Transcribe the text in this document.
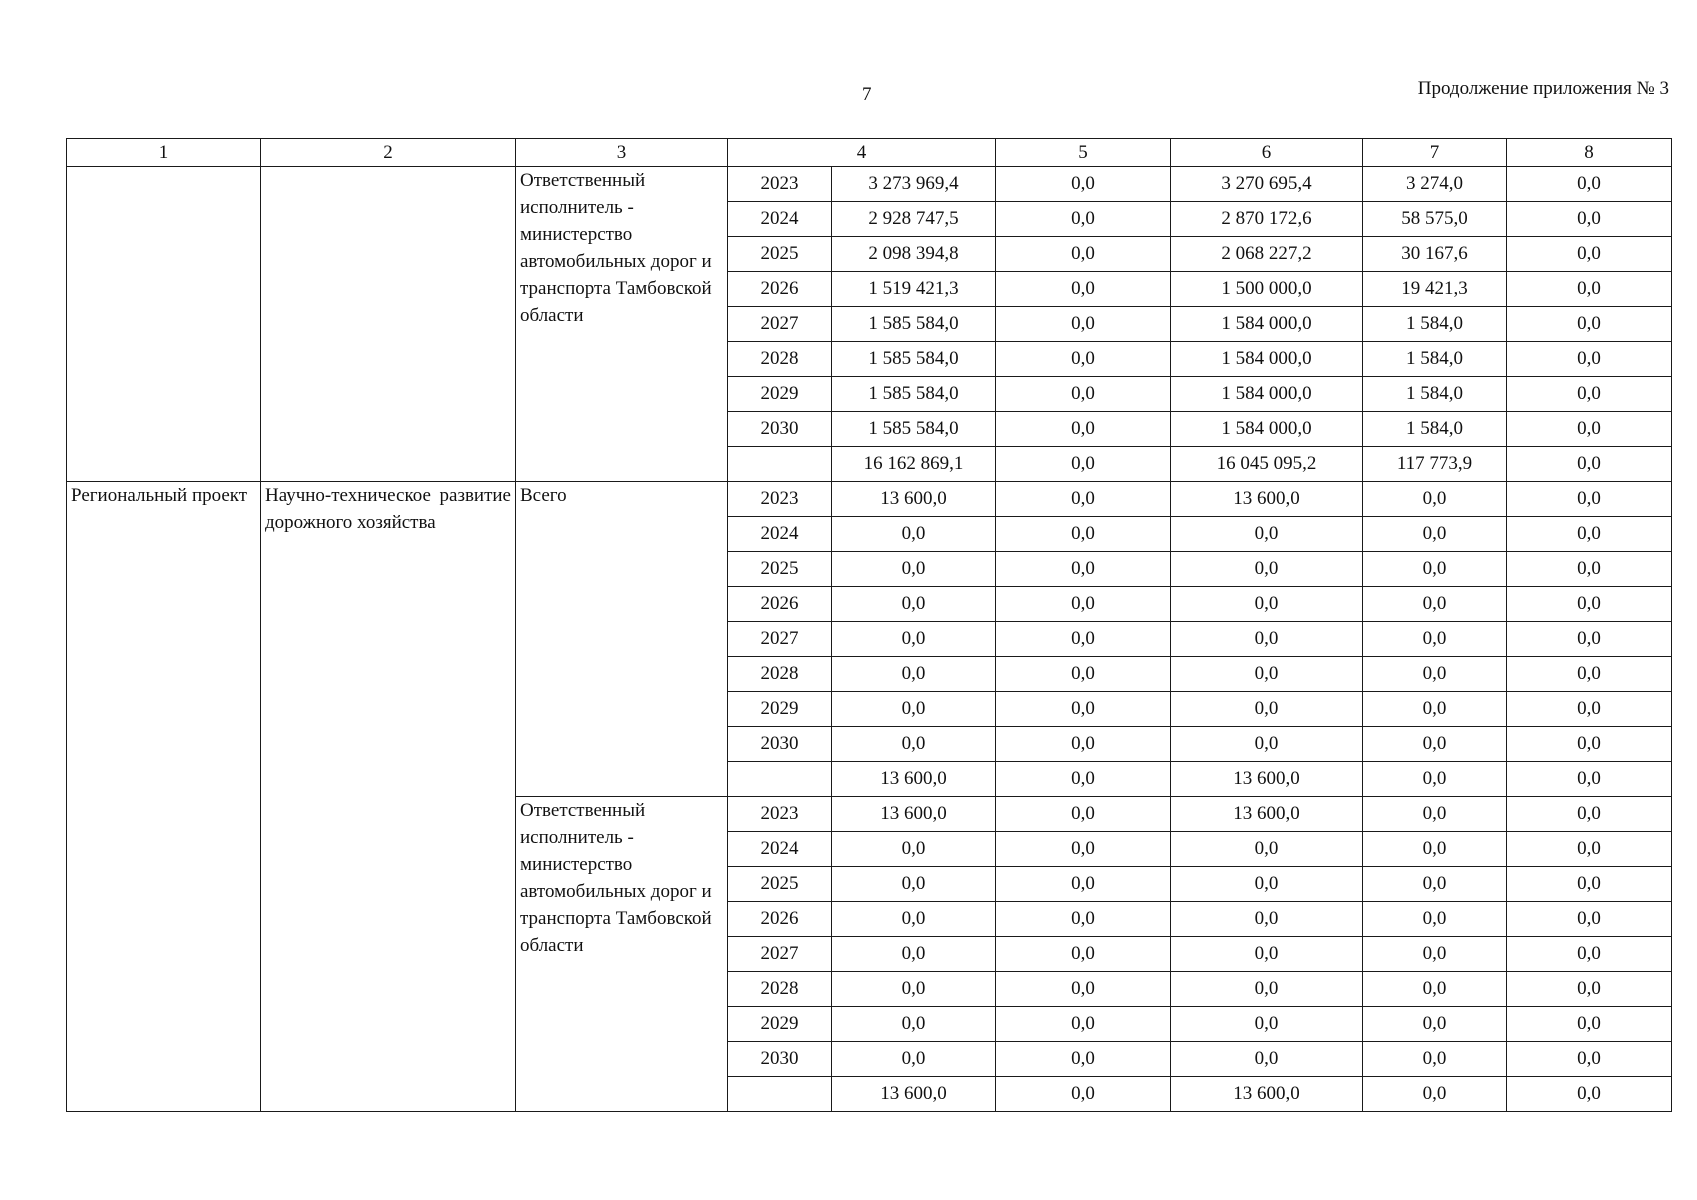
7	Продолжение приложения № 3
1	2	3	4		5	6	7	8
		Ответственный исполнитель - министерство автомобильных дорог и транспорта Тамбовской области	2023	3 273 969,4	0,0	3 270 695,4	3 274,0	0,0
			2024	2 928 747,5	0,0	2 870 172,6	58 575,0	0,0
			2025	2 098 394,8	0,0	2 068 227,2	30 167,6	0,0
			2026	1 519 421,3	0,0	1 500 000,0	19 421,3	0,0
			2027	1 585 584,0	0,0	1 584 000,0	1 584,0	0,0
			2028	1 585 584,0	0,0	1 584 000,0	1 584,0	0,0
			2029	1 585 584,0	0,0	1 584 000,0	1 584,0	0,0
			2030	1 585 584,0	0,0	1 584 000,0	1 584,0	0,0
				16 162 869,1	0,0	16 045 095,2	117 773,9	0,0
Региональный проект	Научно-техническое развитие дорожного хозяйства	Всего	2023	13 600,0	0,0	13 600,0	0,0	0,0
			2024	0,0	0,0	0,0	0,0	0,0
			2025	0,0	0,0	0,0	0,0	0,0
			2026	0,0	0,0	0,0	0,0	0,0
			2027	0,0	0,0	0,0	0,0	0,0
			2028	0,0	0,0	0,0	0,0	0,0
			2029	0,0	0,0	0,0	0,0	0,0
			2030	0,0	0,0	0,0	0,0	0,0
				13 600,0	0,0	13 600,0	0,0	0,0
		Ответственный исполнитель - министерство автомобильных дорог и транспорта Тамбовской области	2023	13 600,0	0,0	13 600,0	0,0	0,0
			2024	0,0	0,0	0,0	0,0	0,0
			2025	0,0	0,0	0,0	0,0	0,0
			2026	0,0	0,0	0,0	0,0	0,0
			2027	0,0	0,0	0,0	0,0	0,0
			2028	0,0	0,0	0,0	0,0	0,0
			2029	0,0	0,0	0,0	0,0	0,0
			2030	0,0	0,0	0,0	0,0	0,0
				13 600,0	0,0	13 600,0	0,0	0,0
